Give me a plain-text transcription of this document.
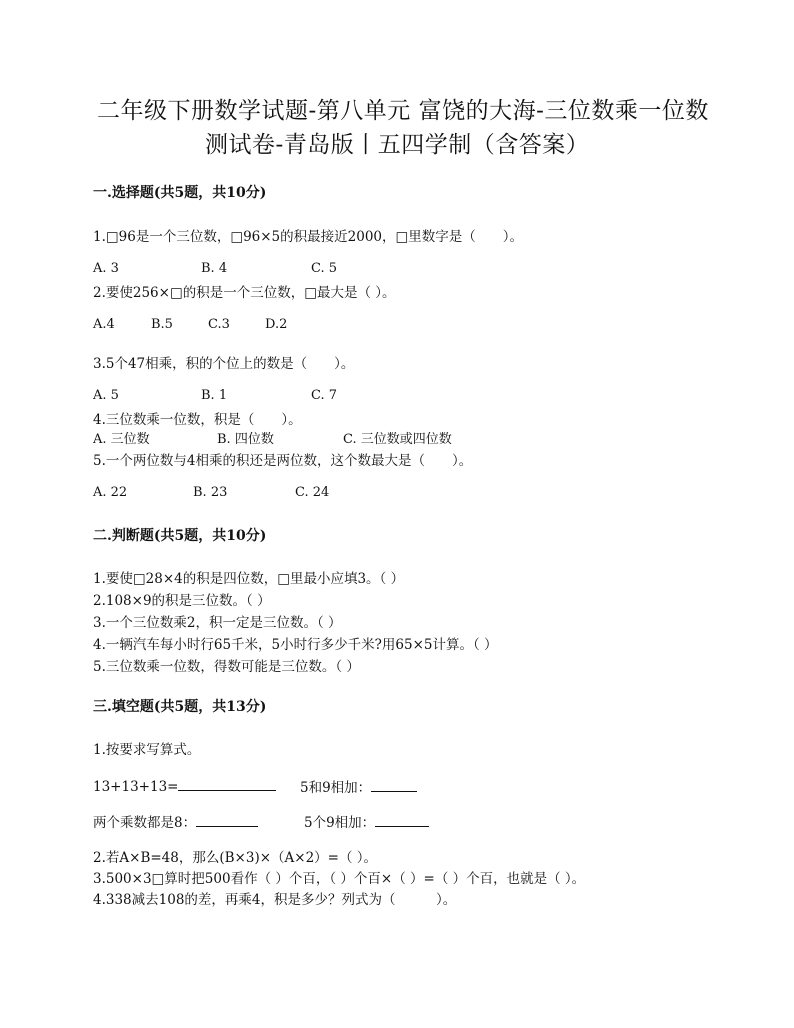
二年级下册数学试题-第八单元 富饶的大海-三位数乘一位数
测试卷-青岛版丨五四学制（含答案）
一.选择题(共5题，共10分)
1.□96是一个三位数，□96×5的积最接近2000，□里数字是（　　）。
A. 3	B. 4	C. 5
2.要使256×□的积是一个三位数，□最大是（ ）。
A.4	B.5	C.3	D.2
3.5个47相乘，积的个位上的数是（　　）。
A. 5	B. 1	C. 7
4.三位数乘一位数，积是（　　）。
A. 三位数	B. 四位数	C. 三位数或四位数
5.一个两位数与4相乘的积还是两位数，这个数最大是（　　）。
A. 22	B. 23	C. 24
二.判断题(共5题，共10分)
1.要使□28×4的积是四位数，□里最小应填3。（ ）
2.108×9的积是三位数。（ ）
3.一个三位数乘2，积一定是三位数。（ ）
4.一辆汽车每小时行65千米，5小时行多少千米?用65×5计算。（ ）
5.三位数乘一位数，得数可能是三位数。（ ）
三.填空题(共5题，共13分)
1.按要求写算式。
13+13+13=	5和9相加：
两个乘数都是8：	5个9相加：
2.若A×B=48，那么(B×3)×（A×2）=（ ）。
3.500×3□算时把500看作（ ）个百，（ ）个百×（ ）=（ ）个百，也就是（ ）。
4.338减去108的差，再乘4，积是多少？列式为（　　　）。
